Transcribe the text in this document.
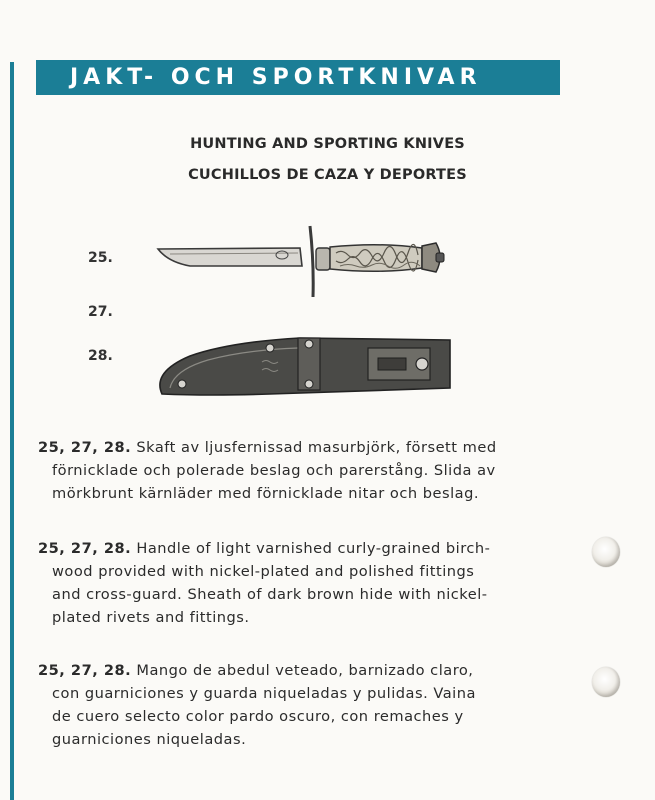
JAKT- OCH SPORTKNIVAR
HUNTING AND SPORTING KNIVES
CUCHILLOS DE CAZA Y DEPORTES
25.
27.
28.
25, 27, 28. Skaft av ljusfernissad masurbjörk, försett med
förnicklade och polerade beslag och parerstång. Slida av
mörkbrunt kärnläder med förnicklade nitar och beslag.
25, 27, 28. Handle of light varnished curly-grained birch-
wood provided with nickel-plated and polished fittings
and cross-guard. Sheath of dark brown hide with nickel-
plated rivets and fittings.
25, 27, 28. Mango de abedul veteado, barnizado claro,
con guarniciones y guarda niqueladas y pulidas. Vaina
de cuero selecto color pardo oscuro, con remaches y
guarniciones niqueladas.
